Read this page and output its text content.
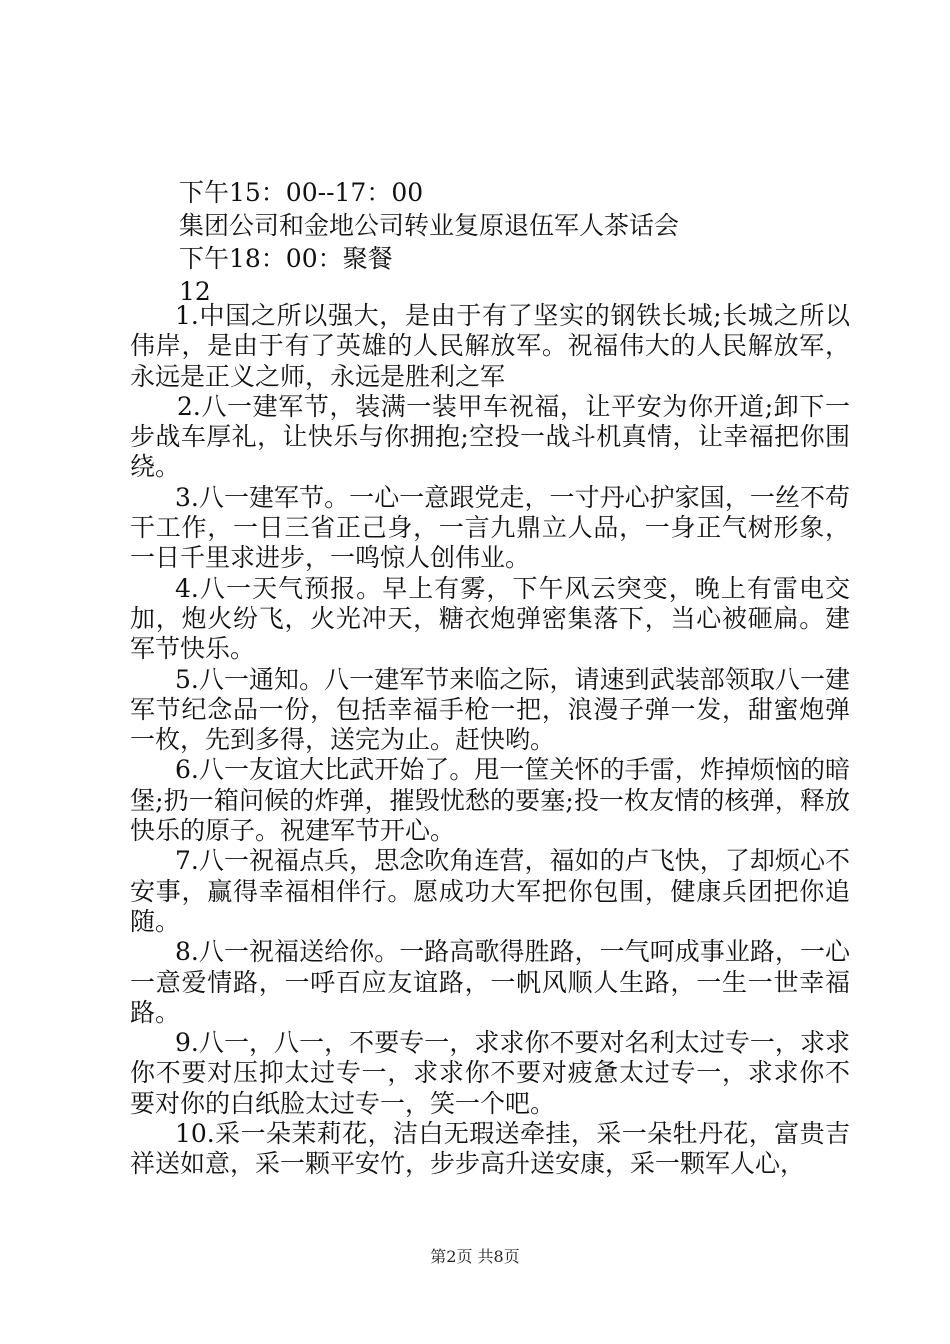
下午15：00--17：00
集团公司和金地公司转业复原退伍军人茶话会
下午18：00：聚餐
12

1.中国之所以强大，是由于有了坚实的钢铁长城;长城之所以伟岸，是由于有了英雄的人民解放军。祝福伟大的人民解放军，永远是正义之师，永远是胜利之军

2.八一建军节，装满一装甲车祝福，让平安为你开道;卸下一步战车厚礼，让快乐与你拥抱;空投一战斗机真情，让幸福把你围绕。

3.八一建军节。一心一意跟党走，一寸丹心护家国，一丝不苟干工作，一日三省正己身，一言九鼎立人品，一身正气树形象，一日千里求进步，一鸣惊人创伟业。

4.八一天气预报。早上有雾，下午风云突变，晚上有雷电交加，炮火纷飞，火光冲天，糖衣炮弹密集落下，当心被砸扁。建军节快乐。

5.八一通知。八一建军节来临之际，请速到武装部领取八一建军节纪念品一份，包括幸福手枪一把，浪漫子弹一发，甜蜜炮弹一枚，先到多得，送完为止。赶快哟。

6.八一友谊大比武开始了。甩一筐关怀的手雷，炸掉烦恼的暗堡;扔一箱问候的炸弹，摧毁忧愁的要塞;投一枚友情的核弹，释放快乐的原子。祝建军节开心。

7.八一祝福点兵，思念吹角连营，福如的卢飞快，了却烦心不安事，赢得幸福相伴行。愿成功大军把你包围，健康兵团把你追随。

8.八一祝福送给你。一路高歌得胜路，一气呵成事业路，一心一意爱情路，一呼百应友谊路，一帆风顺人生路，一生一世幸福路。

9.八一，八一，不要专一，求求你不要对名利太过专一，求求你不要对压抑太过专一，求求你不要对疲惫太过专一，求求你不要对你的白纸脸太过专一，笑一个吧。

10.采一朵茉莉花，洁白无瑕送牵挂，采一朵牡丹花，富贵吉祥送如意，采一颗平安竹，步步高升送安康，采一颗军人心，

第2页 共8页
